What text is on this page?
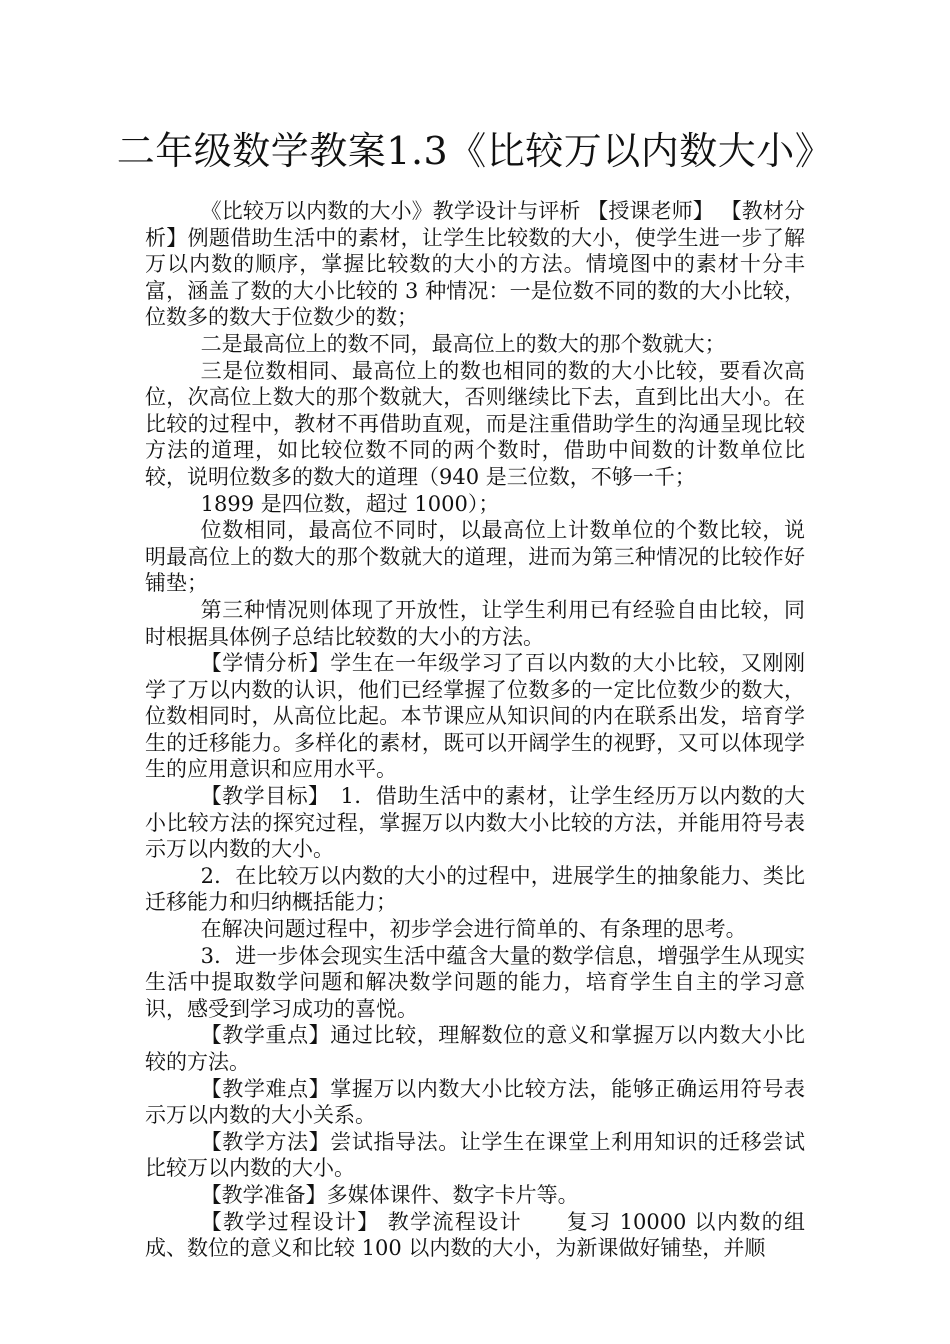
二年级数学教案1.3《比较万以内数大小》

《比较万以内数的大小》教学设计与评析 【授课老师】 【教材分析】例题借助生活中的素材，让学生比较数的大小，使学生进一步了解万以内数的顺序，掌握比较数的大小的方法。情境图中的素材十分丰富，涵盖了数的大小比较的 3 种情况：一是位数不同的数的大小比较，位数多的数大于位数少的数；

二是最高位上的数不同，最高位上的数大的那个数就大；

三是位数相同、最高位上的数也相同的数的大小比较，要看次高位，次高位上数大的那个数就大，否则继续比下去，直到比出大小。在比较的过程中，教材不再借助直观，而是注重借助学生的沟通呈现比较方法的道理，如比较位数不同的两个数时，借助中间数的计数单位比较，说明位数多的数大的道理（940 是三位数，不够一千；

1899 是四位数，超过 1000）；

位数相同，最高位不同时，以最高位上计数单位的个数比较，说明最高位上的数大的那个数就大的道理，进而为第三种情况的比较作好铺垫；

第三种情况则体现了开放性，让学生利用已有经验自由比较，同时根据具体例子总结比较数的大小的方法。

【学情分析】学生在一年级学习了百以内数的大小比较，又刚刚学了万以内数的认识，他们已经掌握了位数多的一定比位数少的数大，位数相同时，从高位比起。本节课应从知识间的内在联系出发，培育学生的迁移能力。多样化的素材，既可以开阔学生的视野，又可以体现学生的应用意识和应用水平。

【教学目标】　1．借助生活中的素材，让学生经历万以内数的大小比较方法的探究过程，掌握万以内数大小比较的方法，并能用符号表示万以内数的大小。

2．在比较万以内数的大小的过程中，进展学生的抽象能力、类比迁移能力和归纳概括能力；

在解决问题过程中，初步学会进行简单的、有条理的思考。

3．进一步体会现实生活中蕴含大量的数学信息，增强学生从现实生活中提取数学问题和解决数学问题的能力，培育学生自主的学习意识，感受到学习成功的喜悦。

【教学重点】通过比较，理解数位的意义和掌握万以内数大小比较的方法。

【教学难点】掌握万以内数大小比较方法，能够正确运用符号表示万以内数的大小关系。

【教学方法】尝试指导法。让学生在课堂上利用知识的迁移尝试比较万以内数的大小。

【教学准备】多媒体课件、数字卡片等。

【教学过程设计】 教学流程设计　　复习 10000 以内数的组成、数位的意义和比较 100 以内数的大小，为新课做好铺垫，并顺
